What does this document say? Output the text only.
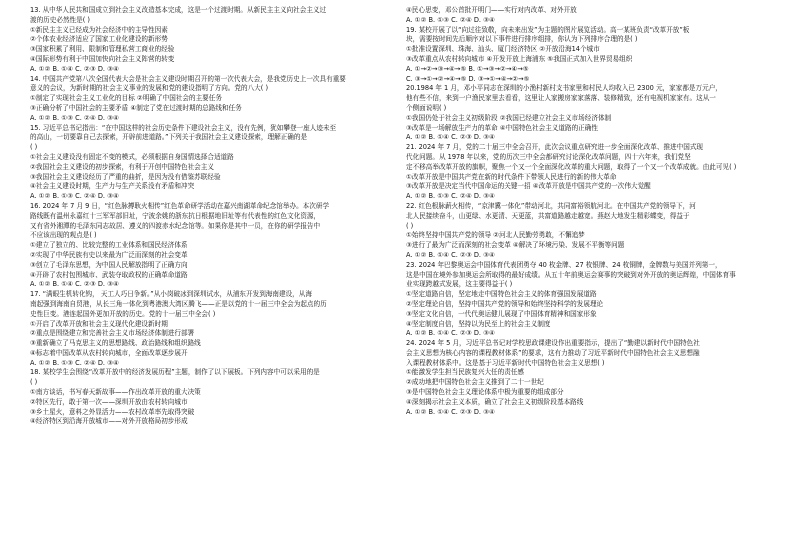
13. 从中华人民共和国成立到社会主义改造基本完成，这是一个过渡时期。从新民主主义向社会主义过
渡的历史必然性是( )
①新民主主义已经成为社会经济中的主导性因素
②个体农业经济适应了国家工业化建设的新形势
③国家积累了利用、限制和管理私营工商业的经验
④国际形势有利于中国加快向社会主义阵营的转变
A. ①② B. ①④ C. ②③ D. ③④
14. 中国共产党第八次全国代表大会是社会主义建设时期召开的第一次代表大会，是我党历史上一次具有重要
意义的会议，为新时期的社会主义事业的发展和党的建设指明了方向。党的八大( )
①制定了实现社会主义工业化的目标 ②明确了中国社会的主要任务
③正确分析了中国社会的主要矛盾 ④制定了党在过渡时期的总路线和任务
A. ①② B. ①③ C. ②④ D. ③④
15. 习近平总书记指出：“在中国这样的社会历史条件下建设社会主义，没有先例，犹如攀登一座人迹未至
的高山，一切要靠自己去探索，开辟前进道路。”下列关于我国社会主义建设探索，理解正确的是
( )
①社会主义建设没有固定不变的模式，必须根据自身国情选择合适道路
②我国社会主义建设的初步探索，有利于开创中国特色社会主义
③我国社会主义建设经历了严重的曲折，是因为没有借鉴苏联经验
④社会主义建设时期，生产力与生产关系没有矛盾和冲突
A. ①② B. ①③ C. ②④ D. ③④
16. 2024 年 7 月 9 日，“红色脉搏耿火相传”红色革命研学活动在嘉兴南湖革命纪念馆举办。本次研学
路线既有温州永嘉红十三军军部旧址，宁波余姚的浙东抗日根据地旧址等有代表性的红色文化资源，
又有省外湘潭的毛泽东同志故居、遵义的四渡赤水纪念馆等。如果你是其中一员，在你的研学报告中
不应该出现的观点是( )
①建立了独立的、比较完整的工业体系和国民经济体系
②实现了中华民族有史以来最为广泛而深刻的社会变革
③创立了毛泽东思想，为中国人民解放指明了正确方向
④开辟了农村包围城市、武装夺取政权的正确革命道路
A. ①② B. ①④ C. ②③ D. ③④
17. “满眼生机转化钩， 天工人巧日争新。”从小岗破冰到深圳试水，从浦东开发到海南建设，从海
南起强到海南自贸港，从长三角一体化到粤港澳大湾区腾飞——正是以党的十一届三中全会为起点的历
史性巨变。港连起国外更加开放的历史。党的十一届三中全会( )
①开启了改革开放和社会主义现代化建设新时期
②重点是围绕建立和完善社会主义市场经济体制进行部署
③重新确立了马克思主义的思想路线、政治路线和组织路线
④标志着中国改革从农村转向城市，全面改革逐步展开
A. ①② B. ①③ C. ②④ D. ③④
18. 某校学生会围绕“改革开放中的经济发展历程”主题，制作了以下展板。下列内容中可以采用的是
( )
①南方谈话，书写春天新故事——作出改革开放的重大决策
②特区先行，敢于第一次——深圳开放由农村转向城市
③乡土星火，意料之外显活力——农村改革率先取得突破
④经济特区到沿海开放城市——对外开放格局初步形成
④民心思变，邓公首批开明门——实行对内改革、对外开放
A. ①② B. ①③ C. ②④ D. ③④
19. 某校开展了以“向过往致敬，向未来出发”为主题的图片展览活动。高一某班负责“改革开放”板
块，需要按时间先后顺序对以下事件进行排序组排，你认为下列排序合理的是( )
①批准设置深圳、珠海、汕头、厦门经济特区 ②开放沿海14个城市
③改革重点从农村转向城市 ④开发开放上海浦东 ⑤我国正式加入世界贸易组织
A. ①→②→③→④→⑤ B. ①→③→②→④→⑤
C. ③→①→②→④→⑤ D. ③→①→④→②→⑤
20.1984 年 1 月，邓小平同志在深圳的小渔村新村支书家里和村民人均收入已 2300 元，家家都是万元户，
他有些不信，来到一户渔民家里去看看，这里让人家搬房家家落落、装修精致，还有电视机家家有。这从一
个侧面说明( )
①我国仍处于社会主义初级阶段 ②我国已经建立社会主义市场经济体制
③改革是一场解放生产力的革命 ④中国特色社会主义道路的正确性
A. ①② B. ①④ C. ②③ D. ③④
21. 2024 年 7 月，党的二十届三中全会召开，此次会议重点研究进一步全面深化改革、推进中国式现
代化问题。从 1978 年以来，党的历次三中全会都研究讨论深化改革问题，四十六年来，我们党坚
定不移高举改革开放的旗帜，聚焦一个又一个全面深化改革的重大问题，取得了一个又一个改革成就。由此可见( )
①改革开放是中国共产党在新的时代条件下带领人民进行的新的伟大革命
③改革开放是决定当代中国命运的关键一招 ④改革开放是中国共产党的一次伟大觉醒
A. ①② B. ①③ C. ②④ D. ③④
22. 红色根脉薪火相传，“京津冀一体化”带动河北，共同富裕领航河北。在中国共产党的领导下，河
北人民接续奋斗，山更绿、水更清、天更蓝，共富道路越走越宽。燕赵大地发生精彩蝶变，得益于
( )
①始终坚持中国共产党的领导 ②河北人民勤劳勇敢，不懈追梦
③进行了最为广泛而深刻的社会变革 ④解决了环境污染、发展不平衡等问题
A. ①② B. ①④ C. ②③ D. ③④
23. 2024 年巴黎奥运会中国体育代表团勇夺 40 枚金牌、27 枚银牌、24 枚铜牌，金牌数与美国并列第一，
这是中国在境外参加奥运会所取得的最好成绩。从五十年前奥运会赛事的突破到对外开放的奥运辉煌，中国体育事
业实现跨越式发展，这主要得益于( )
①坚定道路自信，坚定地走中国特色社会主义的体育强国发展道路
②坚定理论自信，坚持中国共产党的领导和始终坚持科学的发展理论
③坚定文化自信，一代代奥运健儿展现了中国体育精神和国家形象
④坚定制度自信，坚持以为民至上的社会主义制度
A. ①② B. ①④ C. ②③ D. ③④
24. 2024 年 5 月，习近平总书记对学校思政课建设作出重要指示，提出了“勤建以新时代中国特色社
会主义思想为核心内容的课程教材体系”的要求，这有力推动了习近平新时代中国特色社会主义思想融
入课程教材体系中。这是基于习近平新时代中国特色社会主义思想( )
①能激发学生担当民族复兴大任的责任感
②成功地把中国特色社会主义推到了二十一世纪
③是中国特色社会主义理论体系中极为重要的组成部分
④深刻揭示社会主义本质，确立了社会主义初级阶段基本路线
A. ①② B. ①④ C. ②③ D. ③④
